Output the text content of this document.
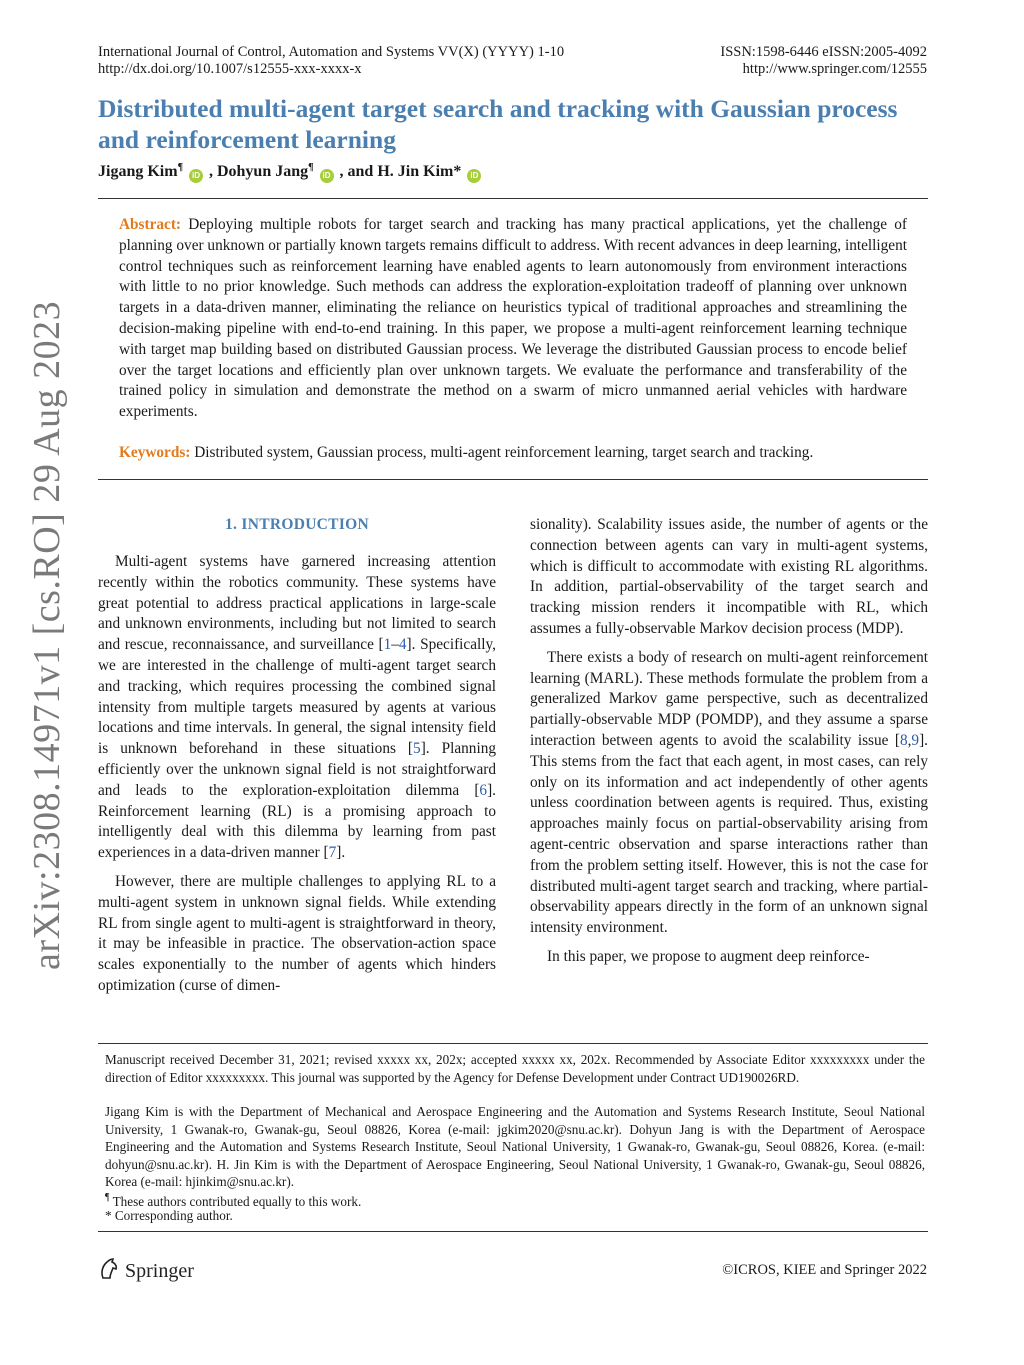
International Journal of Control, Automation and Systems VV(X) (YYYY) 1-10
http://dx.doi.org/10.1007/s12555-xxx-xxxx-x
ISSN:1598-6446 eISSN:2005-4092
http://www.springer.com/12555
Distributed multi-agent target search and tracking with Gaussian process and reinforcement learning
Jigang Kim¶ iD , Dohyun Jang¶ iD , and H. Jin Kim* iD
Abstract: Deploying multiple robots for target search and tracking has many practical applications, yet the challenge of planning over unknown or partially known targets remains difficult to address. With recent advances in deep learning, intelligent control techniques such as reinforcement learning have enabled agents to learn autonomously from environment interactions with little to no prior knowledge. Such methods can address the exploration-exploitation tradeoff of planning over unknown targets in a data-driven manner, eliminating the reliance on heuristics typical of traditional approaches and streamlining the decision-making pipeline with end-to-end training. In this paper, we propose a multi-agent reinforcement learning technique with target map building based on distributed Gaussian process. We leverage the distributed Gaussian process to encode belief over the target locations and efficiently plan over unknown targets. We evaluate the performance and transferability of the trained policy in simulation and demonstrate the method on a swarm of micro unmanned aerial vehicles with hardware experiments.
Keywords: Distributed system, Gaussian process, multi-agent reinforcement learning, target search and tracking.
arXiv:2308.14971v1 [cs.RO] 29 Aug 2023	1. INTRODUCTION

Multi-agent systems have garnered increasing attention recently within the robotics community. These systems have great potential to address practical applications in large-scale and unknown environments, including but not limited to search and rescue, reconnaissance, and surveillance [1–4]. Specifically, we are interested in the challenge of multi-agent target search and tracking, which requires processing the combined signal intensity from multiple targets measured by agents at various locations and time intervals. In general, the signal intensity field is unknown beforehand in these situations [5]. Planning efficiently over the unknown signal field is not straightforward and leads to the exploration-exploitation dilemma [6]. Reinforcement learning (RL) is a promising approach to intelligently deal with this dilemma by learning from past experiences in a data-driven manner [7].

However, there are multiple challenges to applying RL to a multi-agent system in unknown signal fields. While extending RL from single agent to multi-agent is straightforward in theory, it may be infeasible in practice. The observation-action space scales exponentially to the number of agents which hinders optimization (curse of dimen-

sionality). Scalability issues aside, the number of agents or the connection between agents can vary in multi-agent systems, which is difficult to accommodate with existing RL algorithms. In addition, partial-observability of the target search and tracking mission renders it incompatible with RL, which assumes a fully-observable Markov decision process (MDP).

There exists a body of research on multi-agent reinforcement learning (MARL). These methods formulate the problem from a generalized Markov game perspective, such as decentralized partially-observable MDP (POMDP), and they assume a sparse interaction between agents to avoid the scalability issue [8,9]. This stems from the fact that each agent, in most cases, can rely only on its information and act independently of other agents unless coordination between agents is required. Thus, existing approaches mainly focus on partial-observability arising from agent-centric observation and sparse interactions rather than from the problem setting itself. However, this is not the case for distributed multi-agent target search and tracking, where partial-observability appears directly in the form of an unknown signal intensity environment.

In this paper, we propose to augment deep reinforce-

Manuscript received December 31, 2021; revised xxxxx xx, 202x; accepted xxxxx xx, 202x. Recommended by Associate Editor xxxxxxxxx under the direction of Editor xxxxxxxxx. This journal was supported by the Agency for Defense Development under Contract UD190026RD.
Jigang Kim is with the Department of Mechanical and Aerospace Engineering and the Automation and Systems Research Institute, Seoul National University, 1 Gwanak-ro, Gwanak-gu, Seoul 08826, Korea (e-mail: jgkim2020@snu.ac.kr). Dohyun Jang is with the Department of Aerospace Engineering and the Automation and Systems Research Institute, Seoul National University, 1 Gwanak-ro, Gwanak-gu, Seoul 08826, Korea. (e-mail: dohyun@snu.ac.kr). H. Jin Kim is with the Department of Aerospace Engineering, Seoul National University, 1 Gwanak-ro, Gwanak-gu, Seoul 08826, Korea (e-mail: hjinkim@snu.ac.kr).
¶ These authors contributed equally to this work.
* Corresponding author.
Springer	©ICROS, KIEE and Springer 2022
